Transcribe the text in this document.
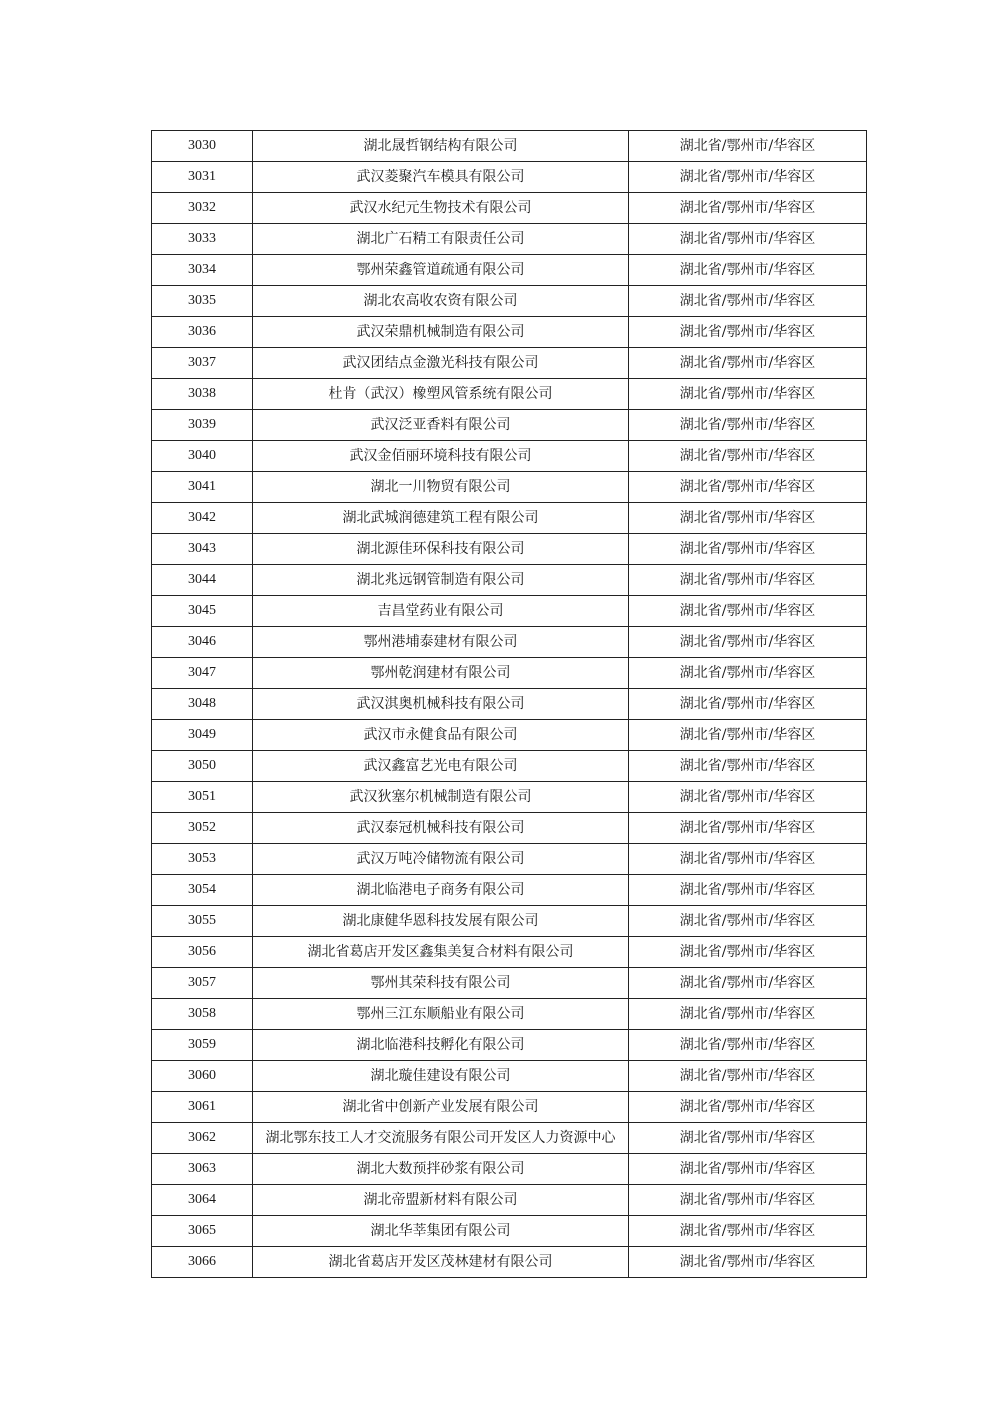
3030	湖北晟哲钢结构有限公司	湖北省/鄂州市/华容区
3031	武汉菱聚汽车模具有限公司	湖北省/鄂州市/华容区
3032	武汉水纪元生物技术有限公司	湖北省/鄂州市/华容区
3033	湖北广石精工有限责任公司	湖北省/鄂州市/华容区
3034	鄂州荣鑫管道疏通有限公司	湖北省/鄂州市/华容区
3035	湖北农高收农资有限公司	湖北省/鄂州市/华容区
3036	武汉荣鼎机械制造有限公司	湖北省/鄂州市/华容区
3037	武汉团结点金激光科技有限公司	湖北省/鄂州市/华容区
3038	杜肯（武汉）橡塑风管系统有限公司	湖北省/鄂州市/华容区
3039	武汉泛亚香料有限公司	湖北省/鄂州市/华容区
3040	武汉金佰丽环境科技有限公司	湖北省/鄂州市/华容区
3041	湖北一川物贸有限公司	湖北省/鄂州市/华容区
3042	湖北武城润德建筑工程有限公司	湖北省/鄂州市/华容区
3043	湖北源佳环保科技有限公司	湖北省/鄂州市/华容区
3044	湖北兆远钢管制造有限公司	湖北省/鄂州市/华容区
3045	吉昌堂药业有限公司	湖北省/鄂州市/华容区
3046	鄂州港埔泰建材有限公司	湖北省/鄂州市/华容区
3047	鄂州乾润建材有限公司	湖北省/鄂州市/华容区
3048	武汉淇奥机械科技有限公司	湖北省/鄂州市/华容区
3049	武汉市永健食品有限公司	湖北省/鄂州市/华容区
3050	武汉鑫富艺光电有限公司	湖北省/鄂州市/华容区
3051	武汉狄塞尔机械制造有限公司	湖北省/鄂州市/华容区
3052	武汉泰冠机械科技有限公司	湖北省/鄂州市/华容区
3053	武汉万吨冷储物流有限公司	湖北省/鄂州市/华容区
3054	湖北临港电子商务有限公司	湖北省/鄂州市/华容区
3055	湖北康健华恩科技发展有限公司	湖北省/鄂州市/华容区
3056	湖北省葛店开发区鑫集美复合材料有限公司	湖北省/鄂州市/华容区
3057	鄂州其荣科技有限公司	湖北省/鄂州市/华容区
3058	鄂州三江东顺船业有限公司	湖北省/鄂州市/华容区
3059	湖北临港科技孵化有限公司	湖北省/鄂州市/华容区
3060	湖北璇佳建设有限公司	湖北省/鄂州市/华容区
3061	湖北省中创新产业发展有限公司	湖北省/鄂州市/华容区
3062	湖北鄂东技工人才交流服务有限公司开发区人力资源中心	湖北省/鄂州市/华容区
3063	湖北大数预拌砂浆有限公司	湖北省/鄂州市/华容区
3064	湖北帝盟新材料有限公司	湖北省/鄂州市/华容区
3065	湖北华莘集团有限公司	湖北省/鄂州市/华容区
3066	湖北省葛店开发区茂林建材有限公司	湖北省/鄂州市/华容区
